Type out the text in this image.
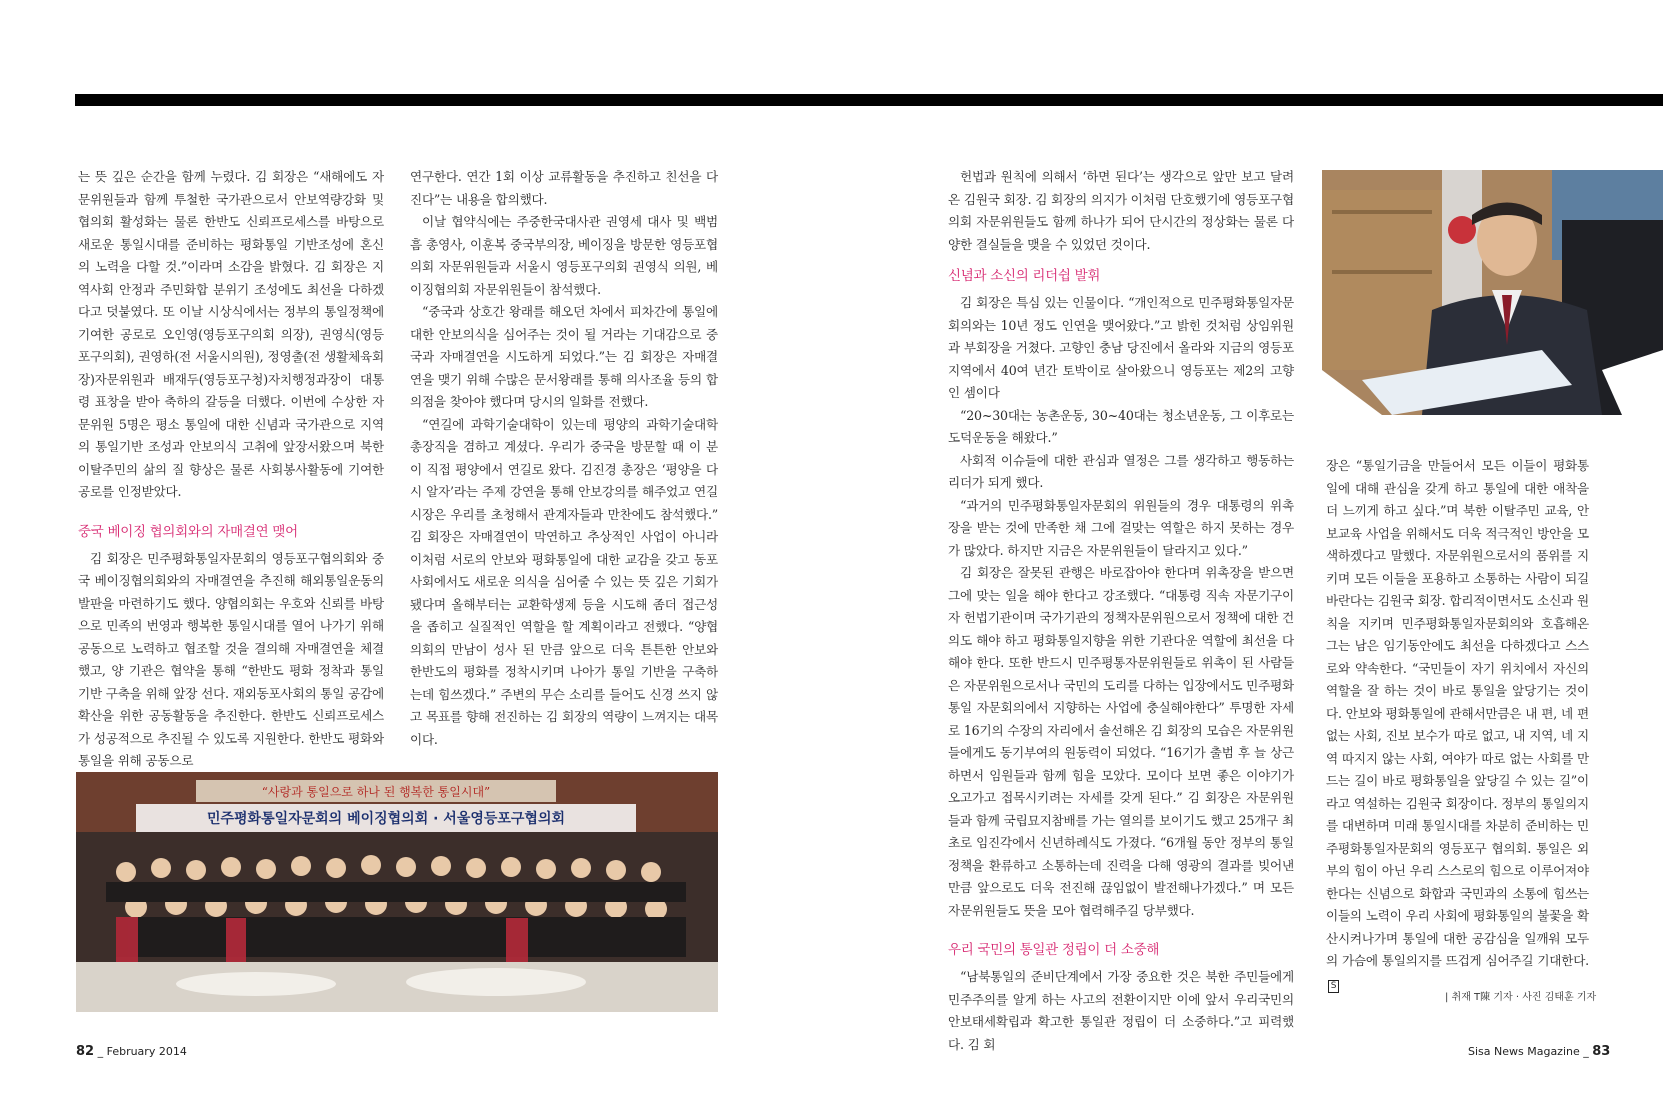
는 뜻 깊은 순간을 함께 누렸다. 김 회장은 “새해에도 자문위원들과 함께 투철한 국가관으로서 안보역량강화 및 협의회 활성화는 물론 한반도 신뢰프로세스를 바탕으로 새로운 통일시대를 준비하는 평화통일 기반조성에 혼신의 노력을 다할 것.”이라며 소감을 밝혔다. 김 회장은 지역사회 안정과 주민화합 분위기 조성에도 최선을 다하겠다고 덧붙였다. 또 이날 시상식에서는 정부의 통일정책에 기여한 공로로 오인영(영등포구의회 의장), 권영식(영등포구의회), 권영하(전 서울시의원), 정영출(전 생활체육회장)자문위원과 배재두(영등포구청)자치행정과장이 대통령 표창을 받아 축하의 갈등을 더했다. 이번에 수상한 자문위원 5명은 평소 통일에 대한 신념과 국가관으로 지역의 통일기반 조성과 안보의식 고취에 앞장서왔으며 북한이탈주민의 삶의 질 향상은 물론 사회봉사활동에 기여한 공로를 인정받았다.

중국 베이징 협의회와의 자매결연 맺어

김 회장은 민주평화통일자문회의 영등포구협의회와 중국 베이징협의회와의 자매결연을 추진해 해외통일운동의 발판을 마련하기도 했다. 양협의회는 우호와 신뢰를 바탕으로 민족의 번영과 행복한 통일시대를 열어 나가기 위해 공동으로 노력하고 협조할 것을 결의해 자매결연을 체결했고, 양 기관은 협약을 통해 “한반도 평화 정착과 통일 기반 구축을 위해 앞장 선다. 재외동포사회의 통일 공감에 확산을 위한 공동활동을 추진한다. 한반도 신뢰프로세스가 성공적으로 추진될 수 있도록 지원한다. 한반도 평화와 통일을 위해 공동으로

연구한다. 연간 1회 이상 교류활동을 추진하고 친선을 다진다”는 내용을 합의했다.

이날 협약식에는 주중한국대사관 권영세 대사 및 백범흠 총영사, 이훈복 중국부의장, 베이징을 방문한 영등포협의회 자문위원들과 서울시 영등포구의회 권영식 의원, 베이징협의회 자문위원들이 참석했다.

“중국과 상호간 왕래를 해오던 차에서 피차간에 통일에 대한 안보의식을 심어주는 것이 될 거라는 기대감으로 중국과 자매결연을 시도하게 되었다.”는 김 회장은 자매결연을 맺기 위해 수많은 문서왕래를 통해 의사조율 등의 합의점을 찾아야 했다며 당시의 일화를 전했다.

“연길에 과학기술대학이 있는데 평양의 과학기술대학 총장직을 겸하고 계셨다. 우리가 중국을 방문할 때 이 분이 직접 평양에서 연길로 왔다. 김진경 총장은 ‘평양을 다시 알자’라는 주제 강연을 통해 안보강의를 해주었고 연길 시장은 우리를 초청해서 관계자들과 만찬에도 참석했다.” 김 회장은 자매결연이 막연하고 추상적인 사업이 아니라 이처럼 서로의 안보와 평화통일에 대한 교감을 갖고 동포사회에서도 새로운 의식을 심어줄 수 있는 뜻 깊은 기회가 됐다며 올해부터는 교환학생제 등을 시도해 좀더 접근성을 좁히고 실질적인 역할을 할 계획이라고 전했다. “양협의회의 만남이 성사 된 만큼 앞으로 더욱 튼튼한 안보와 한반도의 평화를 정착시키며 나아가 통일 기반을 구축하는데 힘쓰겠다.” 주변의 무슨 소리를 들어도 신경 쓰지 않고 목표를 향해 전진하는 김 회장의 역량이 느껴지는 대목이다.

“사랑과 통일으로 하나 된 행복한 통일시대”
민주평화통일자문회의 베이징협의회 · 서울영등포구협의회

헌법과 원칙에 의해서 ‘하면 된다’는 생각으로 앞만 보고 달려온 김원국 회장. 김 회장의 의지가 이처럼 단호했기에 영등포구협의회 자문위원들도 함께 하나가 되어 단시간의 정상화는 물론 다양한 결실들을 맺을 수 있었던 것이다.

신념과 소신의 리더쉽 발휘

김 회장은 특심 있는 인물이다. “개인적으로 민주평화통일자문회의와는 10년 정도 인연을 맺어왔다.”고 밝힌 것처럼 상임위원과 부회장을 거쳤다. 고향인 충남 당진에서 올라와 지금의 영등포 지역에서 40여 년간 토박이로 살아왔으니 영등포는 제2의 고향인 셈이다

“20~30대는 농촌운동, 30~40대는 청소년운동, 그 이후로는 도덕운동을 해왔다.”

사회적 이슈들에 대한 관심과 열정은 그를 생각하고 행동하는 리더가 되게 했다.

“과거의 민주평화통일자문회의 위원들의 경우 대통령의 위촉장을 받는 것에 만족한 채 그에 걸맞는 역할은 하지 못하는 경우가 많았다. 하지만 지금은 자문위원들이 달라지고 있다.”

김 회장은 잘못된 관행은 바로잡아야 한다며 위촉장을 받으면 그에 맞는 일을 해야 한다고 강조했다. “대통령 직속 자문기구이자 헌법기관이며 국가기관의 정책자문위원으로서 정책에 대한 건의도 해야 하고 평화통일지향을 위한 기관다운 역할에 최선을 다해야 한다. 또한 반드시 민주평통자문위원들로 위촉이 된 사람들은 자문위원으로서나 국민의 도리를 다하는 입장에서도 민주평화통일 자문회의에서 지향하는 사업에 충실해야한다” 투명한 자세로 16기의 수장의 자리에서 솔선해온 김 회장의 모습은 자문위원들에게도 동기부여의 원동력이 되었다. “16기가 출범 후 늘 상근하면서 임원들과 함께 힘을 모았다. 모이다 보면 좋은 이야기가 오고가고 접목시키려는 자세를 갖게 된다.” 김 회장은 자문위원들과 함께 국립묘지참배를 가는 열의를 보이기도 했고 25개구 최초로 임진각에서 신년하례식도 가졌다. “6개월 동안 정부의 통일정책을 환류하고 소통하는데 진력을 다해 영광의 결과를 빚어낸 만큼 앞으로도 더욱 전진해 끊임없이 발전해나가겠다.” 며 모든 자문위원들도 뜻을 모아 협력해주길 당부했다.

우리 국민의 통일관 정립이 더 소중해

“남북통일의 준비단계에서 가장 중요한 것은 북한 주민들에게 민주주의를 알게 하는 사고의 전환이지만 이에 앞서 우리국민의 안보태세확립과 확고한 통일관 정립이 더 소중하다.”고 피력했다. 김 회

장은 “통일기금을 만들어서 모든 이들이 평화통일에 대해 관심을 갖게 하고 통일에 대한 애착을 더 느끼게 하고 싶다.”며 북한 이탈주민 교육, 안보교육 사업을 위해서도 더욱 적극적인 방안을 모색하겠다고 말했다. 자문위원으로서의 품위를 지키며 모든 이들을 포용하고 소통하는 사람이 되길 바란다는 김원국 회장. 합리적이면서도 소신과 원칙을 지키며 민주평화통일자문회의와 호흡해온 그는 남은 임기동안에도 최선을 다하겠다고 스스로와 약속한다. “국민들이 자기 위치에서 자신의 역할을 잘 하는 것이 바로 통일을 앞당기는 것이다. 안보와 평화통일에 관해서만큼은 내 편, 네 편 없는 사회, 진보 보수가 따로 없고, 내 지역, 네 지역 따지지 않는 사회, 여야가 따로 없는 사회를 만드는 길이 바로 평화통일을 앞당길 수 있는 길”이라고 역설하는 김원국 회장이다. 정부의 통일의지를 대변하며 미래 통일시대를 차분히 준비하는 민주평화통일자문회의 영등포구 협의회. 통일은 외부의 힘이 아닌 우리 스스로의 힘으로 이루어져야한다는 신념으로 화합과 국민과의 소통에 힘쓰는 이들의 노력이 우리 사회에 평화통일의 불꽃을 확산시켜나가며 통일에 대한 공감심을 일깨워 모두의 가슴에 통일의지를 뜨겁게 심어주길 기대한다.S

| 취재 T陳 기자 · 사진 김태훈 기자
82 _ February 2014	Sisa News Magazine _ 83
